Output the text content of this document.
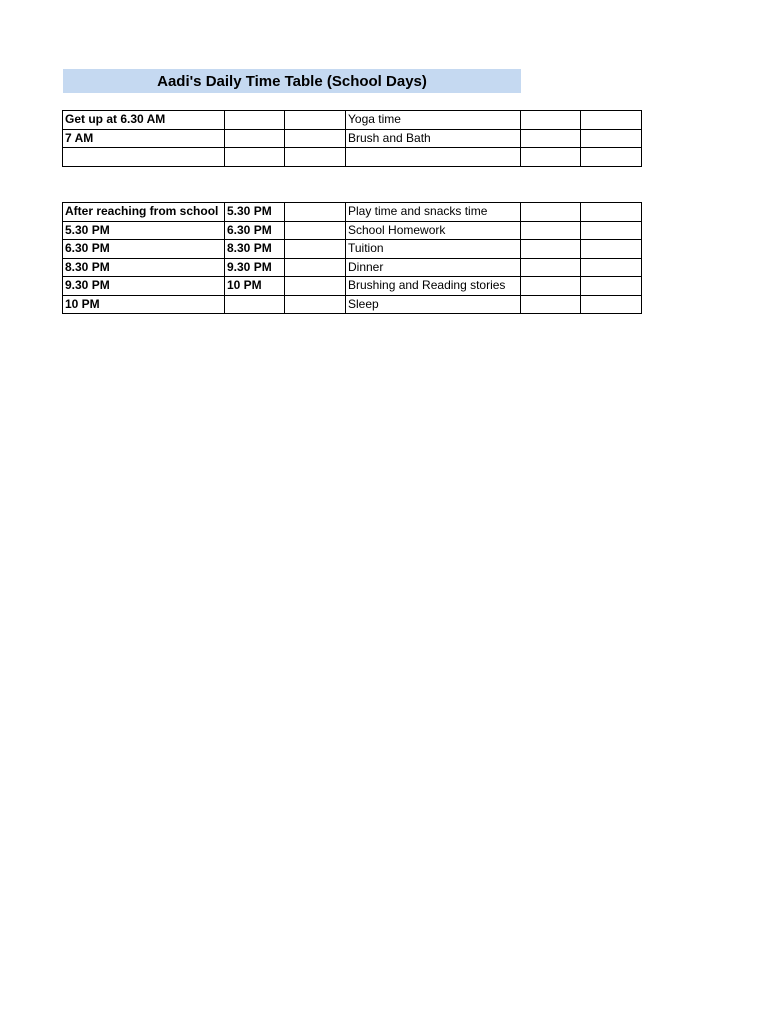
Aadi's Daily Time Table (School Days)
Get up at 6.30 AM			Yoga time		
7 AM			Brush and Bath		

After reaching from school	5.30 PM		Play time and snacks time		
5.30 PM	6.30 PM		School Homework		
6.30 PM	8.30 PM		Tuition		
8.30 PM	9.30 PM		Dinner		
9.30 PM	10 PM		Brushing and Reading stories		
10 PM			Sleep		
